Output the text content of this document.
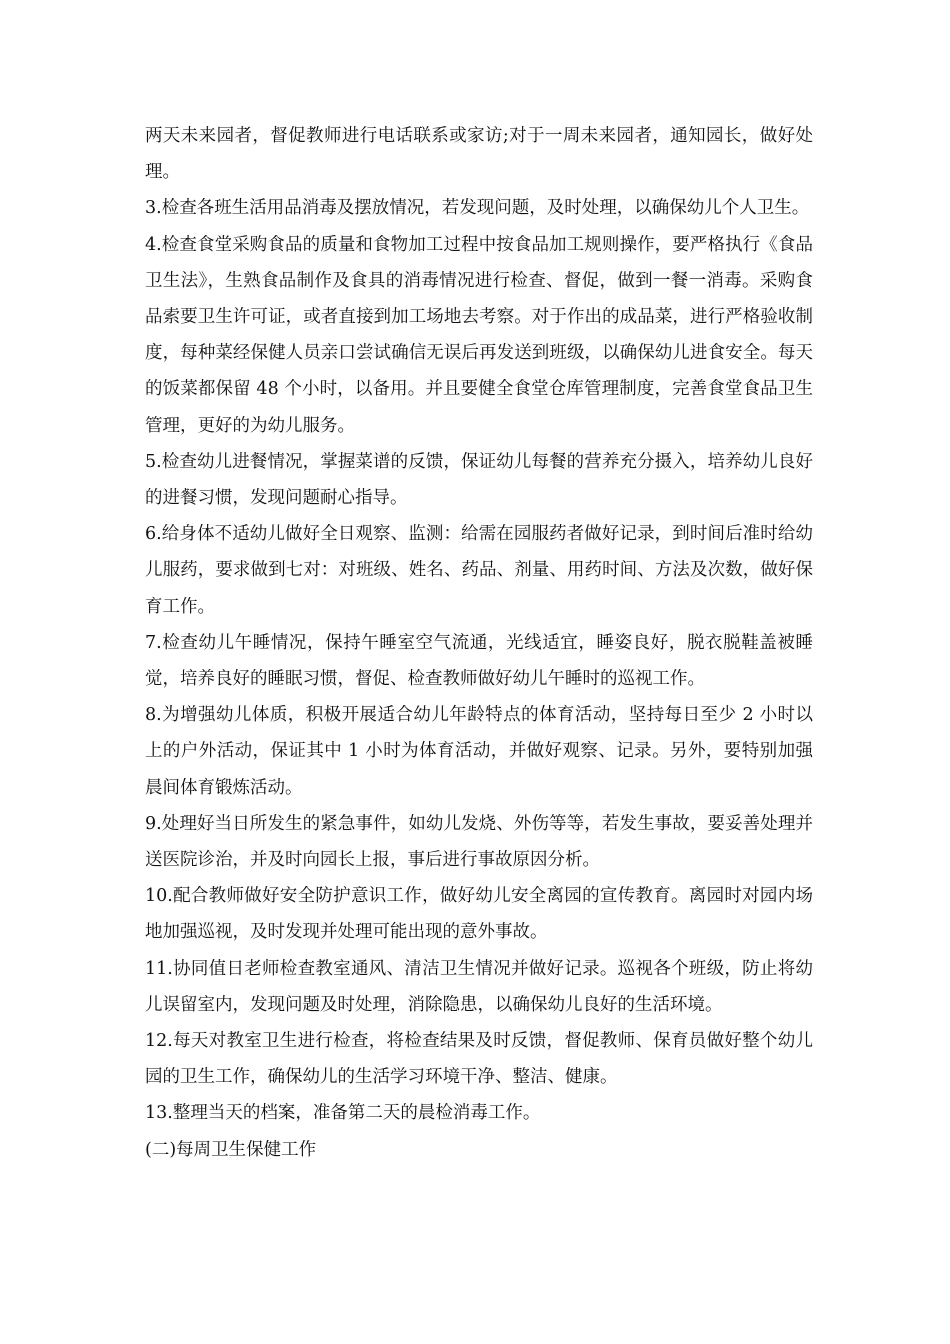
两天未来园者，督促教师进行电话联系或家访;对于一周未来园者，通知园长，做好处理。

3.检查各班生活用品消毒及摆放情况，若发现问题，及时处理，以确保幼儿个人卫生。

4.检查食堂采购食品的质量和食物加工过程中按食品加工规则操作，要严格执行《食品卫生法》，生熟食品制作及食具的消毒情况进行检查、督促，做到一餐一消毒。采购食品索要卫生许可证，或者直接到加工场地去考察。对于作出的成品菜，进行严格验收制度，每种菜经保健人员亲口尝试确信无误后再发送到班级，以确保幼儿进食安全。每天的饭菜都保留 48 个小时，以备用。并且要健全食堂仓库管理制度，完善食堂食品卫生管理，更好的为幼儿服务。

5.检查幼儿进餐情况，掌握菜谱的反馈，保证幼儿每餐的营养充分摄入，培养幼儿良好的进餐习惯，发现问题耐心指导。

6.给身体不适幼儿做好全日观察、监测：给需在园服药者做好记录，到时间后准时给幼儿服药，要求做到七对：对班级、姓名、药品、剂量、用药时间、方法及次数，做好保育工作。

7.检查幼儿午睡情况，保持午睡室空气流通，光线适宜，睡姿良好，脱衣脱鞋盖被睡觉，培养良好的睡眠习惯，督促、检查教师做好幼儿午睡时的巡视工作。

8.为增强幼儿体质，积极开展适合幼儿年龄特点的体育活动，坚持每日至少 2 小时以上的户外活动，保证其中 1 小时为体育活动，并做好观察、记录。另外，要特别加强晨间体育锻炼活动。

9.处理好当日所发生的紧急事件，如幼儿发烧、外伤等等，若发生事故，要妥善处理并送医院诊治，并及时向园长上报，事后进行事故原因分析。

10.配合教师做好安全防护意识工作，做好幼儿安全离园的宣传教育。离园时对园内场地加强巡视，及时发现并处理可能出现的意外事故。

11.协同值日老师检查教室通风、清洁卫生情况并做好记录。巡视各个班级，防止将幼儿误留室内，发现问题及时处理，消除隐患，以确保幼儿良好的生活环境。

12.每天对教室卫生进行检查，将检查结果及时反馈，督促教师、保育员做好整个幼儿园的卫生工作，确保幼儿的生活学习环境干净、整洁、健康。

13.整理当天的档案，准备第二天的晨检消毒工作。

(二)每周卫生保健工作
